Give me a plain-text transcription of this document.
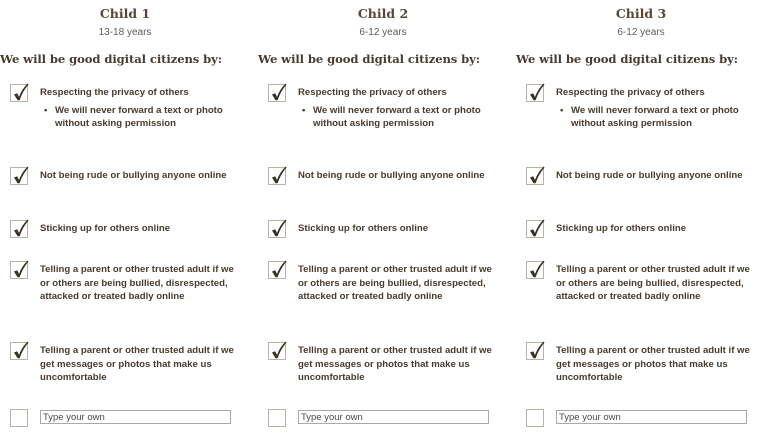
Child 1
13-18 years
We will be good digital citizens by:
Respecting the privacy of others
• We will never forward a text or photo without asking permission
Not being rude or bullying anyone online
Sticking up for others online
Telling a parent or other trusted adult if we or others are being bullied, disrespected, attacked or treated badly online
Telling a parent or other trusted adult if we get messages or photos that make us uncomfortable
Type your own
Child 2
6-12 years
We will be good digital citizens by:
Respecting the privacy of others
• We will never forward a text or photo without asking permission
Not being rude or bullying anyone online
Sticking up for others online
Telling a parent or other trusted adult if we or others are being bullied, disrespected, attacked or treated badly online
Telling a parent or other trusted adult if we get messages or photos that make us uncomfortable
Type your own
Child 3
6-12 years
We will be good digital citizens by:
Respecting the privacy of others
• We will never forward a text or photo without asking permission
Not being rude or bullying anyone online
Sticking up for others online
Telling a parent or other trusted adult if we or others are being bullied, disrespected, attacked or treated badly online
Telling a parent or other trusted adult if we get messages or photos that make us uncomfortable
Type your own
